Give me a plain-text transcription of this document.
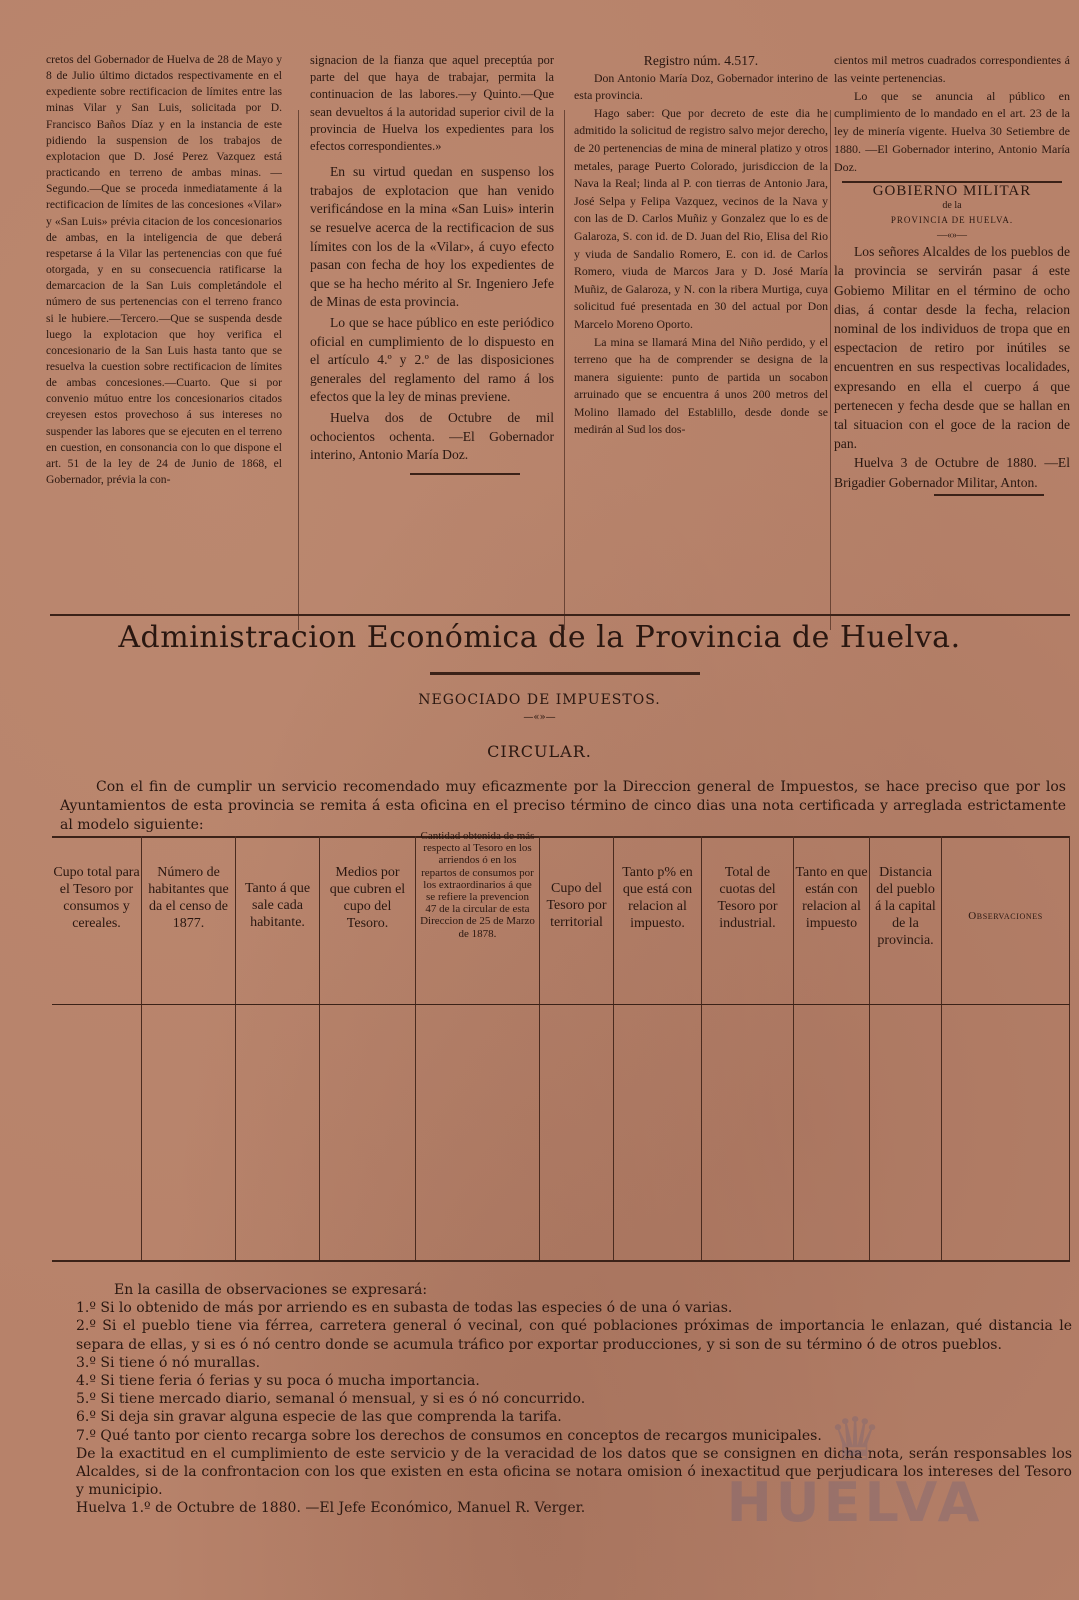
cretos del Gobernador de Huelva de 28 de Mayo y 8 de Julio último dictados respectivamente en el expediente sobre rectificacion de límites entre las minas Vilar y San Luis, solicitada por D. Francisco Baños Díaz y en la instancia de este pidiendo la suspension de los trabajos de explotacion que D. José Perez Vazquez está practicando en terreno de ambas minas. —Segundo.—Que se proceda inmediatamente á la rectificacion de límites de las concesiones «Vilar» y «San Luis» prévia citacion de los concesionarios de ambas, en la inteligencia de que deberá respetarse á la Vilar las pertenencias con que fué otorgada, y en su consecuencia ratificarse la demarcacion de la San Luis completándole el número de sus pertenencias con el terreno franco si le hubiere.—Tercero.—Que se suspenda desde luego la explotacion que hoy verifica el concesionario de la San Luis hasta tanto que se resuelva la cuestion sobre rectificacion de límites de ambas concesiones.—Cuarto. Que si por convenio mútuo entre los concesionarios citados creyesen estos provechoso á sus intereses no suspender las labores que se ejecuten en el terreno en cuestion, en consonancia con lo que dispone el art. 51 de la ley de 24 de Junio de 1868, el Gobernador, prévia la con-

signacion de la fianza que aquel preceptúa por parte del que haya de trabajar, permita la continuacion de las labores.—y Quinto.—Que sean devueltos á la autoridad superior civil de la provincia de Huelva los expedientes para los efectos correspondientes.»

En su virtud quedan en suspenso los trabajos de explotacion que han venido verificándose en la mina «San Luis» interin se resuelve acerca de la rectificacion de sus límites con los de la «Vilar», á cuyo efecto pasan con fecha de hoy los expedientes de que se ha hecho mérito al Sr. Ingeniero Jefe de Minas de esta provincia.

Lo que se hace público en este periódico oficial en cumplimiento de lo dispuesto en el artículo 4.º y 2.º de las disposiciones generales del reglamento del ramo á los efectos que la ley de minas previene.

Huelva dos de Octubre de mil ochocientos ochenta. —El Gobernador interino, Antonio María Doz.

Registro núm. 4.517.

Don Antonio María Doz, Gobernador interino de esta provincia.

Hago saber: Que por decreto de este dia he admitido la solicitud de registro salvo mejor derecho, de 20 pertenencias de mina de mineral platizo y otros metales, parage Puerto Colorado, jurisdiccion de la Nava la Real; linda al P. con tierras de Antonio Jara, José Selpa y Felipa Vazquez, vecinos de la Nava y con las de D. Carlos Muñiz y Gonzalez que lo es de Galaroza, S. con id. de D. Juan del Rio, Elisa del Rio y viuda de Sandalio Romero, E. con id. de Carlos Romero, viuda de Marcos Jara y D. José María Muñiz, de Galaroza, y N. con la ribera Murtiga, cuya solicitud fué presentada en 30 del actual por Don Marcelo Moreno Oporto.

La mina se llamará Mina del Niño perdido, y el terreno que ha de comprender se designa de la manera siguiente: punto de partida un socabon arruinado que se encuentra á unos 200 metros del Molino llamado del Establillo, desde donde se medirán al Sud los dos-

cientos mil metros cuadrados correspondientes á las veinte pertenencias.

Lo que se anuncia al público en cumplimiento de lo mandado en el art. 23 de la ley de minería vigente. Huelva 30 Setiembre de 1880. —El Gobernador interino, Antonio María Doz.

GOBIERNO MILITAR

de la

PROVINCIA DE HUELVA.

—«»—

Los señores Alcaldes de los pueblos de la provincia se servirán pasar á este Gobiemo Militar en el término de ocho dias, á contar desde la fecha, relacion nominal de los individuos de tropa que en espectacion de retiro por inútiles se encuentren en sus respectivas localidades, expresando en ella el cuerpo á que pertenecen y fecha desde que se hallan en tal situacion con el goce de la racion de pan.

Huelva 3 de Octubre de 1880. —El Brigadier Gobernador Militar, Anton.

Administracion Económica de la Provincia de Huelva.
NEGOCIADO DE IMPUESTOS.
—«»—
CIRCULAR.
Con el fin de cumplir un servicio recomendado muy eficazmente por la Direccion general de Impuestos, se hace preciso que por los Ayuntamientos de esta provincia se remita á esta oficina en el preciso término de cinco dias una nota certificada y arreglada estrictamente al modelo siguiente:
Cupo total para el Tesoro por consumos y cereales.
Número de habitantes que da el censo de 1877.
Tanto á que sale cada habitante.
Medios por que cubren el cupo del Tesoro.
Cantidad obtenida de más respecto al Tesoro en los arriendos ó en los repartos de consumos por los extraordinarios á que se refiere la prevencion 47 de la circular de esta Direccion de 25 de Marzo de 1878.
Cupo del Tesoro por territorial
Tanto p% en que está con relacion al impuesto.
Total de cuotas del Tesoro por industrial.
Tanto en que están con relacion al impuesto
Distancia del pueblo á la capital de la provincia.
Observaciones

En la casilla de observaciones se expresará:

1.º Si lo obtenido de más por arriendo es en subasta de todas las especies ó de una ó varias.

2.º Si el pueblo tiene via férrea, carretera general ó vecinal, con qué poblaciones próximas de importancia le enlazan, qué distancia le separa de ellas, y si es ó nó centro donde se acumula tráfico por exportar producciones, y si son de su término ó de otros pueblos.

3.º Si tiene ó nó murallas.

4.º Si tiene feria ó ferias y su poca ó mucha importancia.

5.º Si tiene mercado diario, semanal ó mensual, y si es ó nó concurrido.

6.º Si deja sin gravar alguna especie de las que comprenda la tarifa.

7.º Qué tanto por ciento recarga sobre los derechos de consumos en conceptos de recargos municipales.

De la exactitud en el cumplimiento de este servicio y de la veracidad de los datos que se consignen en dicha nota, serán responsables los Alcaldes, si de la confrontacion con los que existen en esta oficina se notara omision ó inexactitud que perjudicara los intereses del Tesoro y municipio.

Huelva 1.º de Octubre de 1880. —El Jefe Económico, Manuel R. Verger.

♛
HUELVA
